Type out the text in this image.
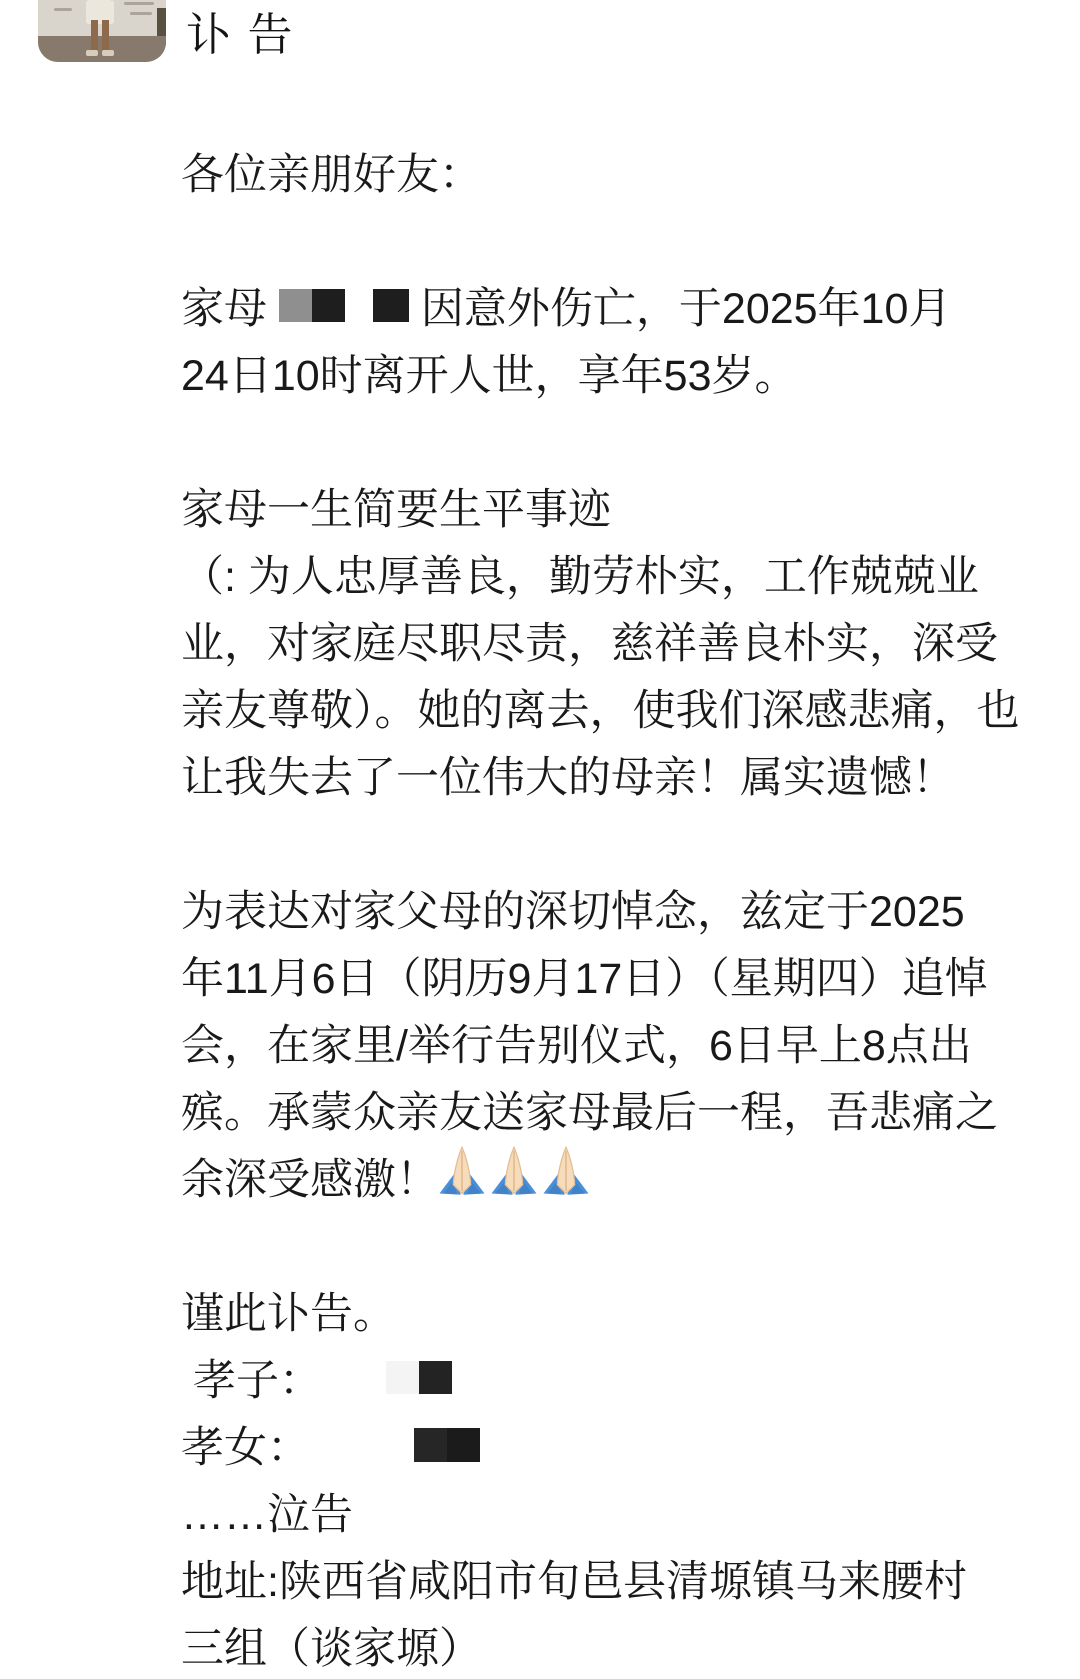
讣 告
各位亲朋好友：

家母	因意外伤亡，于2025年10月
24日10时离开人世，享年53岁。

家母一生简要生平事迹
（: 为人忠厚善良，勤劳朴实，工作兢兢业
业，对家庭尽职尽责，慈祥善良朴实，深受
亲友尊敬）。她的离去，使我们深感悲痛，也
让我失去了一位伟大的母亲！属实遗憾！

为表达对家父母的深切悼念，兹定于2025
年11月6日（阴历9月17日）（星期四）追悼
会，在家里/举行告别仪式，6日早上8点出
殡。承蒙众亲友送家母最后一程，吾悲痛之
余深受感激！

谨此讣告。
孝子：
孝女：
……泣告
地址:陕西省咸阳市旬邑县清塬镇马来腰村
三组（谈家塬）
